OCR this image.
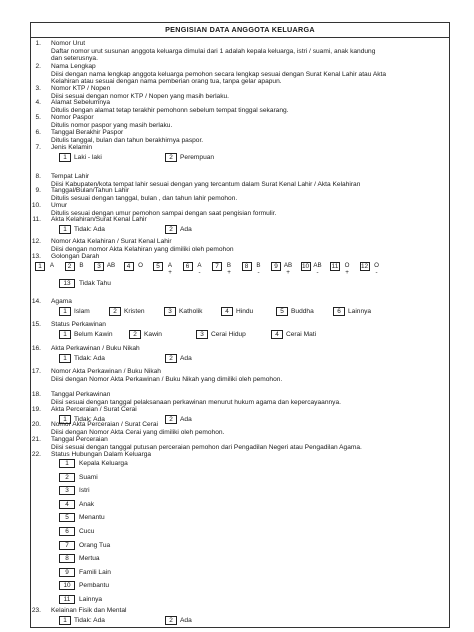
PENGISIAN DATA ANGGOTA KELUARGA
1. Nomor Urut
Daftar nomor urut susunan anggota keluarga dimulai dari 1 adalah kepala keluarga, istri / suami, anak kandung
dan seterusnya.
2. Nama Lengkap
Diisi dengan nama lengkap anggota keluarga pemohon secara lengkap sesuai dengan Surat Kenal Lahir atau Akta
Kelahiran atau sesuai dengan nama pemberian orang tua, tanpa gelar apapun.
3. Nomor KTP / Nopen
Diisi sesuai dengan nomor KTP / Nopen yang masih berlaku.
4. Alamat Sebelumnya
Ditulis dengan alamat tetap terakhir pemohonn sebelum tempat tinggal sekarang.
5. Nomor Paspor
Ditulis nomor paspor yang masih berlaku.
6. Tanggal Berakhir Paspor
Ditulis tanggal, bulan dan tahun berakhirnya paspor.
7. Jenis Kelamin
1	Laki - laki	2	Perempuan
8. Tempat Lahir
Diisi Kabupaten/kota tempat lahir sesuai dengan yang tercantum dalam Surat Kenal Lahir / Akta Kelahiran
9. Tanggal/Bulan/Tahun Lahir
Ditulis sesuai dengan tanggal, bulan , dan tahun lahir pemohon.
10. Umur
Ditulis sesuai dengan umur pemohon sampai dengan saat pengisian formulir.
11. Akta Kelahiran/Surat Kenal Lahir
1	Tidak: Ada	2	Ada
12. Nomor Akta Kelahiran / Surat Kenal Lahir
Diisi dengan nomor Akta Kelahiran yang dimiliki oleh pemohon
13. Golongan Darah
14. Agama
1	Islam	2	Kristen	3	Katholik	4	Hindu	5	Buddha	6	Lainnya
15. Status Perkawinan
1	Belum Kawin	2	Kawin	3	Cerai Hidup	4	Cerai Mati
16. Akta Perkawinan / Buku Nikah
1	Tidak: Ada	2	Ada
17. Nomor Akta Perkawinan / Buku Nikah
Diisi dengan Nomor Akta Perkawinan / Buku Nikah yang dimiliki oleh pemohon.
18. Tanggal Perkawinan
Diisi sesuai dengan tanggal pelaksanaan perkawinan menurut hukum agama dan kepercayaannya.
19. Akta Perceraian / Surat Cerai
1	Tidak: Ada	2	Ada
20. Nomor Akta Perceraian / Surat Cerai
Diisi dengan Nomor Akta Cerai yang dimiliki oleh pemohon.
21. Tanggal Perceraian
Diisi sesuai dengan tanggal putusan perceraian pemohon dari Pengadilan Negeri atau Pengadilan Agama.
22. Status Hubungan Dalam Keluarga
23. Kelainan Fisik dan Mental
1	Tidak: Ada	2	Ada
1	A	2	B	3 AB	4	O	5	A
+
6	A
-
7	B
+
8	B
-
9 AB
+
10 AB
-
11	O
+
12 O
-
13	Tidak Tahu
1	Kepala Keluarga
2	Suami
3	Istri
4	Anak
5	Menantu
6	Cucu
7	Orang Tua
8	Mertua
9	Famili Lain
10	Pembantu
11	Lainnya
